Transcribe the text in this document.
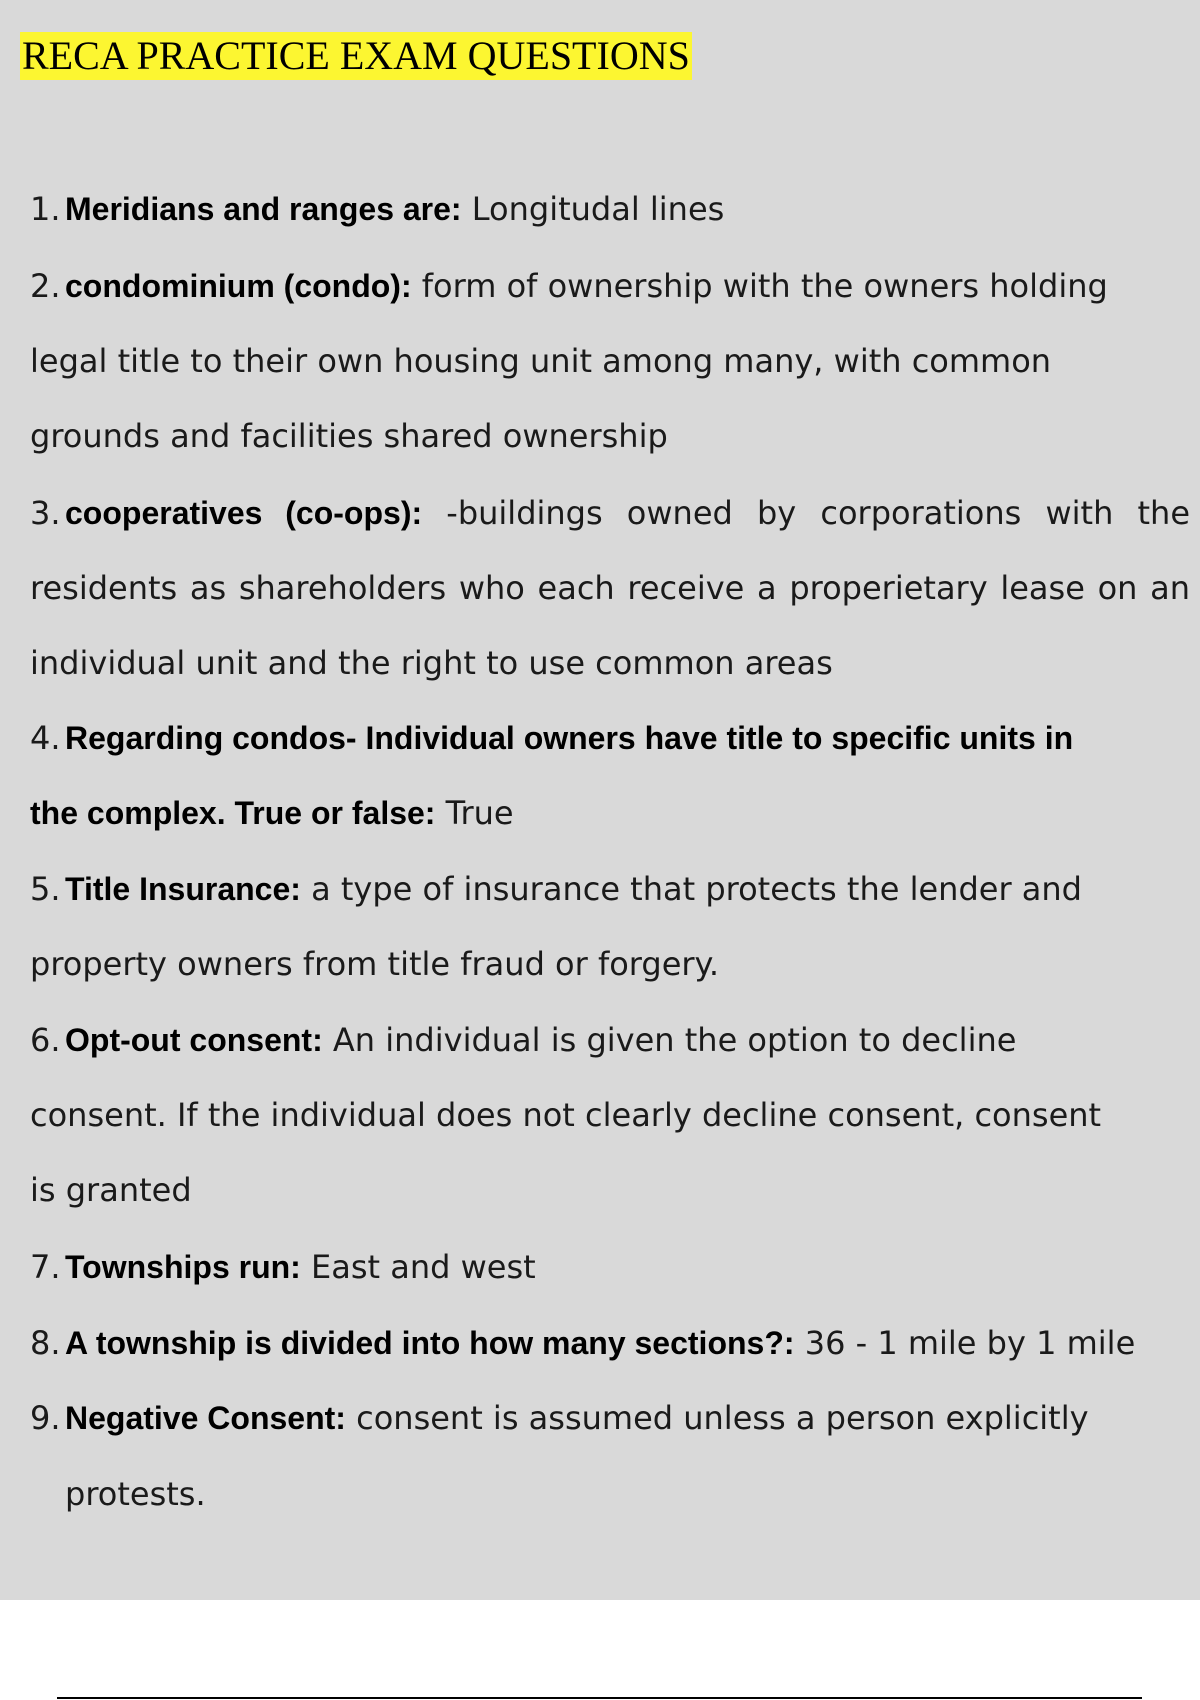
RECA PRACTICE EXAM QUESTIONS
1. Meridians and ranges are: Longitudal lines
2. condominium (condo): form of ownership with the owners holding legal title to their own housing unit among many, with common grounds and facilities shared ownership
3. cooperatives (co-ops): -buildings owned by corporations with the residents as shareholders who each receive a properietary lease on an individual unit and the right to use common areas
4. Regarding condos- Individual owners have title to specific units in the complex. True or false: True
5. Title Insurance: a type of insurance that protects the lender and property owners from title fraud or forgery.
6. Opt-out consent: An individual is given the option to decline consent. If the individual does not clearly decline consent, consent is granted
7. Townships run: East and west
8. A township is divided into how many sections?: 36 - 1 mile by 1 mile
9. Negative Consent: consent is assumed unless a person explicitly
protests.
